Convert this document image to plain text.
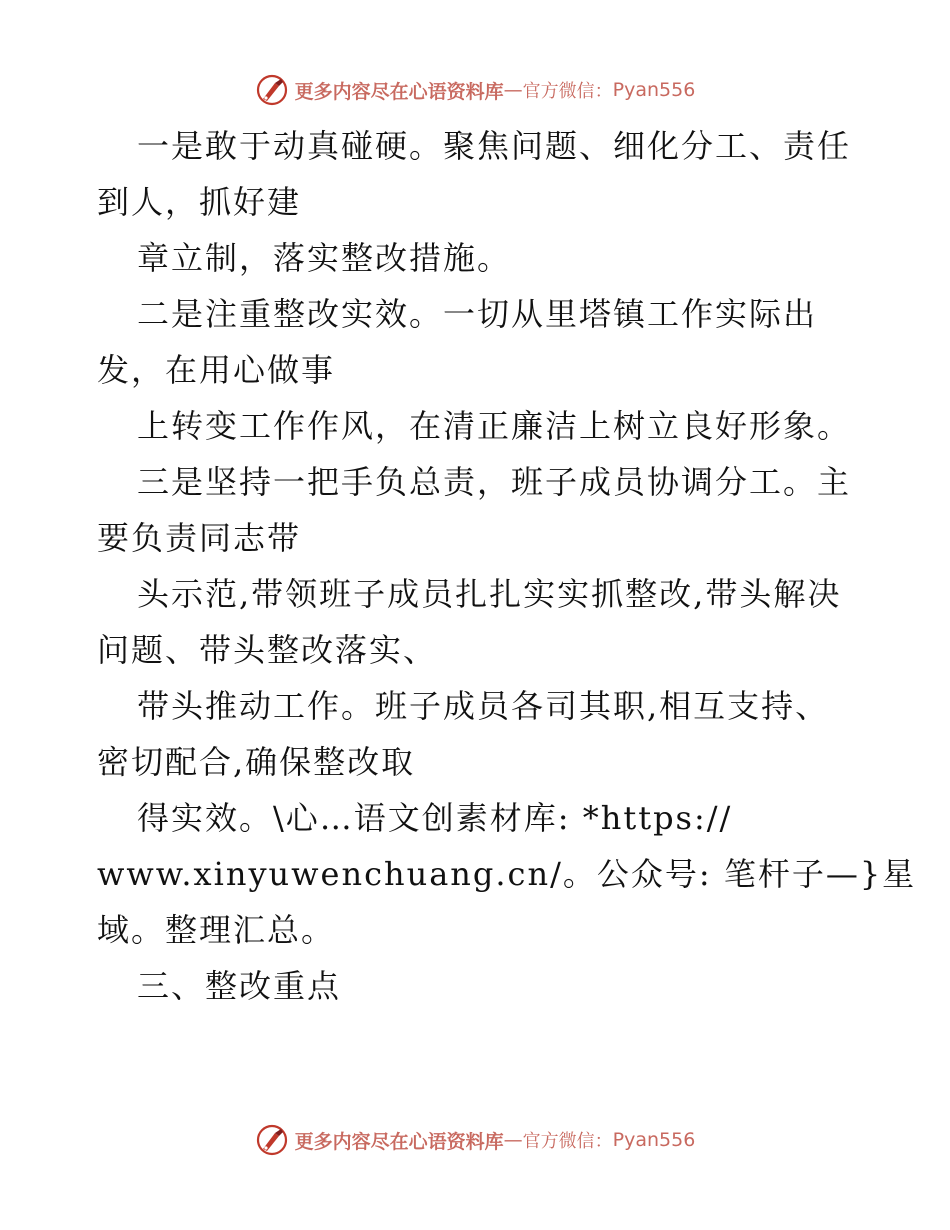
更多内容尽在心语资料库 — 官方微信： Pyan556

一是敢于动真碰硬。聚焦问题、细化分工、责任

到人，抓好建

章立制，落实整改措施。

二是注重整改实效。一切从里塔镇工作实际出

发，在用心做事

上转变工作作风，在清正廉洁上树立良好形象。

三是坚持一把手负总责，班子成员协调分工。主

要负责同志带

头示范,带领班子成员扎扎实实抓整改,带头解决

问题、带头整改落实、

带头推动工作。班子成员各司其职,相互支持、

密切配合,确保整改取

得实效。\心…语文创素材库: *https://

www.xinyuwenchuang.cn/。公众号: 笔杆子—}星

域。整理汇总。

三、整改重点

更多内容尽在心语资料库 — 官方微信： Pyan556
